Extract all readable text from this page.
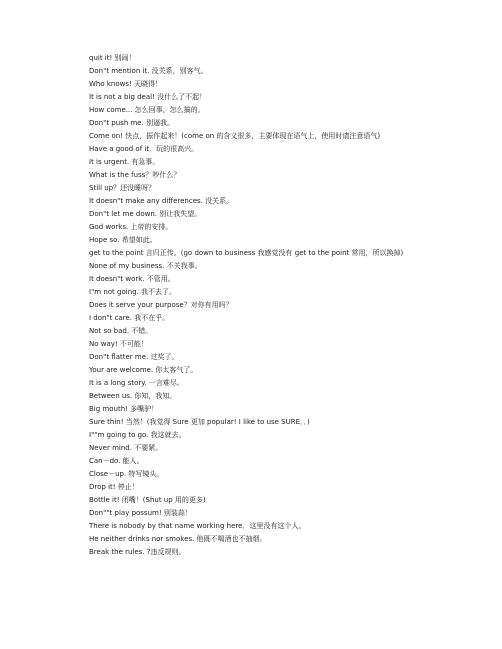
quit it! 别闹！
Don"t mention it. 没关系，别客气。
Who knows! 天晓得！
It is not a big deal! 没什么了不起！
How come... 怎么回事，怎么搞的。
Don"t push me. 别逼我。
Come on! 快点，振作起来！(come on 的含义很多，主要体现在语气上，使用时请注意语气)
Have a good of it．玩的很高兴。
It is urgent. 有急事。
What is the fuss？吵什么？
Still up？还没睡呀？
It doesn"t make any differences. 没关系。
Don"t let me down. 别让我失望。
God works. 上帝的安排。
Hope so. 希望如此。
get to the point 言归正传。(go down to business 我感觉没有 get to the point 常用，所以换掉)
None of my business. 不关我事。
It doesn"t work. 不管用。
I"m not going. 我不去了。
Does it serve your purpose？对你有用吗？
I don"t care. 我不在乎。
Not so bad. 不错。
No way! 不可能！
Don"t flatter me. 过奖了。
Your are welcome. 你太客气了。
It is a long story. 一言难尽。
Between us. 你知，我知。
Big mouth! 多嘴驴！
Sure thin! 当然！(我觉得 Sure 更加 popular! I like to use SURE．．)
I""m going to go. 我这就去。
Never mind. 不要紧。
Can－do. 能人。
Close－up. 特写镜头。
Drop it! 停止！
Bottle it! 闭嘴！(Shut up 用的更多)
Don""t play possum! 别装蒜！
There is nobody by that name working here．这里没有这个人。
He neither drinks nor smokes. 他既不喝酒也不抽烟。
Break the rules. ?违反规则。
